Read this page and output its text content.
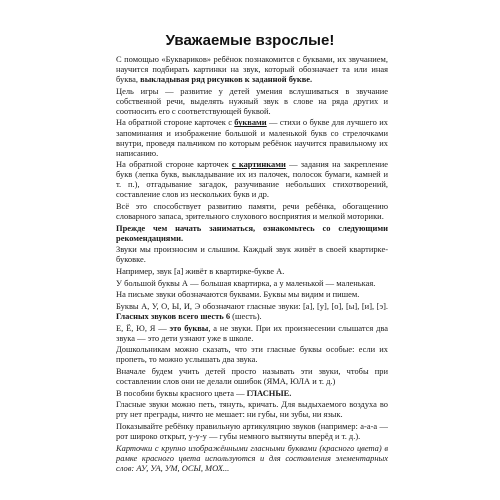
Уважаемые взрослые!

С помощью «Буквариков» ребёнок познакомится с буквами, их звучанием, научится подбирать картинки на звук, который обозначает та или иная буква, выкладывая ряд рисунков к заданной букве.

Цель игры — развитие у детей умения вслушиваться в звучание собственной речи, выделять нужный звук в слове на ряда других и соотносить его с соответствующей буквой.

На обратной стороне карточек с буквами — стихи о букве для лучшего их запоминания и изображение большой и маленькой букв со стрелочками внутри, проведя пальчиком по которым ребёнок научится правильному их написанию.

На обратной стороне карточек с картинками — задания на закрепление букв (лепка букв, выкладывание их из палочек, полосок бумаги, камней и т. п.), отгадывание загадок, разучивание небольших стихотворений, составление слов из нескольких букв и др.

Всё это способствует развитию памяти, речи ребёнка, обогащению словарного запаса, зрительного слухового восприятия и мелкой моторики.

Прежде чем начать заниматься, ознакомьтесь со следующими рекомендациями.

Звуки мы произносим и слышим. Каждый звук живёт в своей квартирке-буковке.

Например, звук [а] живёт в квартирке-букве А.

У большой буквы А — большая квартирка, а у маленькой — маленькая.

На письме звуки обозначаются буквами. Буквы мы видим и пишем.

Буквы А, У, О, Ы, И, Э обозначают гласные звуки: [а], [у], [о], [ы], [и], [э]. Гласных звуков всего шесть 6 (шесть).

Е, Ё, Ю, Я — это буквы, а не звуки. При их произнесении слышатся два звука — это дети узнают уже в школе.

Дошкольникам можно сказать, что эти гласные буквы особые: если их пропеть, то можно услышать два звука.

Вначале будем учить детей просто называть эти звуки, чтобы при составлении слов они не делали ошибок (ЯМА, ЮЛА и т. д.)

В пособии буквы красного цвета — ГЛАСНЫЕ.

Гласные звуки можно петь, тянуть, кричать. Для выдыхаемого воздуха во рту нет преграды, ничто не мешает: ни губы, ни зубы, ни язык.

Показывайте ребёнку правильную артикуляцию звуков (например: а-а-а — рот широко открыт, у-у-у — губы немного вытянуты вперёд и т. д.).

Карточки с крупно изображёнными гласными буквами (красного цвета) в рамке красного цвета используются и для составления элементарных слов: АУ, УА, УМ, ОСЫ, МОХ...
